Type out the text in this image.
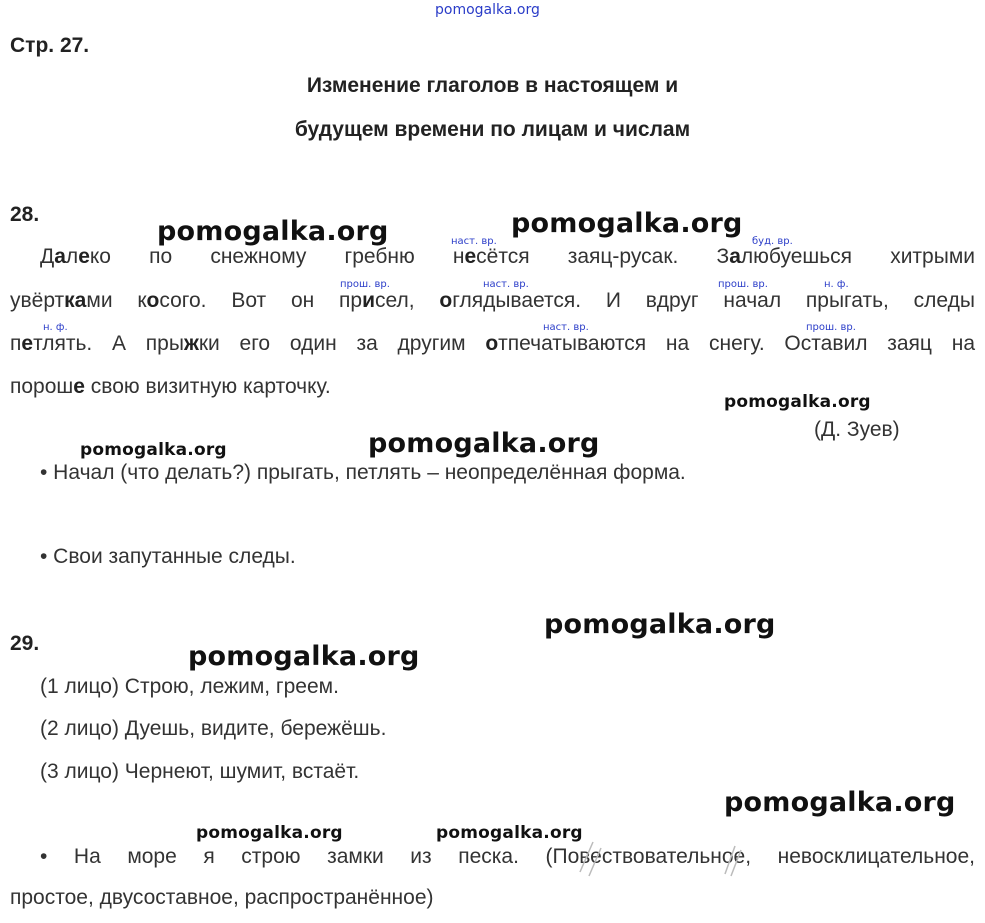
pomogalka.org
Стр. 27.
Изменение глаголов в настоящем и
будущем времени по лицам и числам
28.
Далеко по снежному гребню несётся заяц-русак. Залюбуешься хитрыми
увёртками косого. Вот он присел, оглядывается. И вдруг начал прыгать, следы
петлять. А прыжки его один за другим отпечатываются на снегу. Оставил заяц на
пороше свою визитную карточку.
наст. вр.	буд. вр.
прош. вр.	наст. вр.	прош. вр.	н. ф.
н. ф.	наст. вр.	прош. вр.
(Д. Зуев)
• Начал (что делать?) прыгать, петлять – неопределённая форма.
• Свои запутанные следы.
29.
(1 лицо) Строю, лежим, греем.
(2 лицо) Дуешь, видите, бережёшь.
(3 лицо) Чернеют, шумит, встаёт.
• На море я строю замки из песка. (Повествовательное, невосклицательное,
простое, двусоставное, распространённое)
pomogalka.org	pomogalka.org
pomogalka.org
pomogalka.org	pomogalka.org
pomogalka.org
pomogalka.org
pomogalka.org
pomogalka.org	pomogalka.org
